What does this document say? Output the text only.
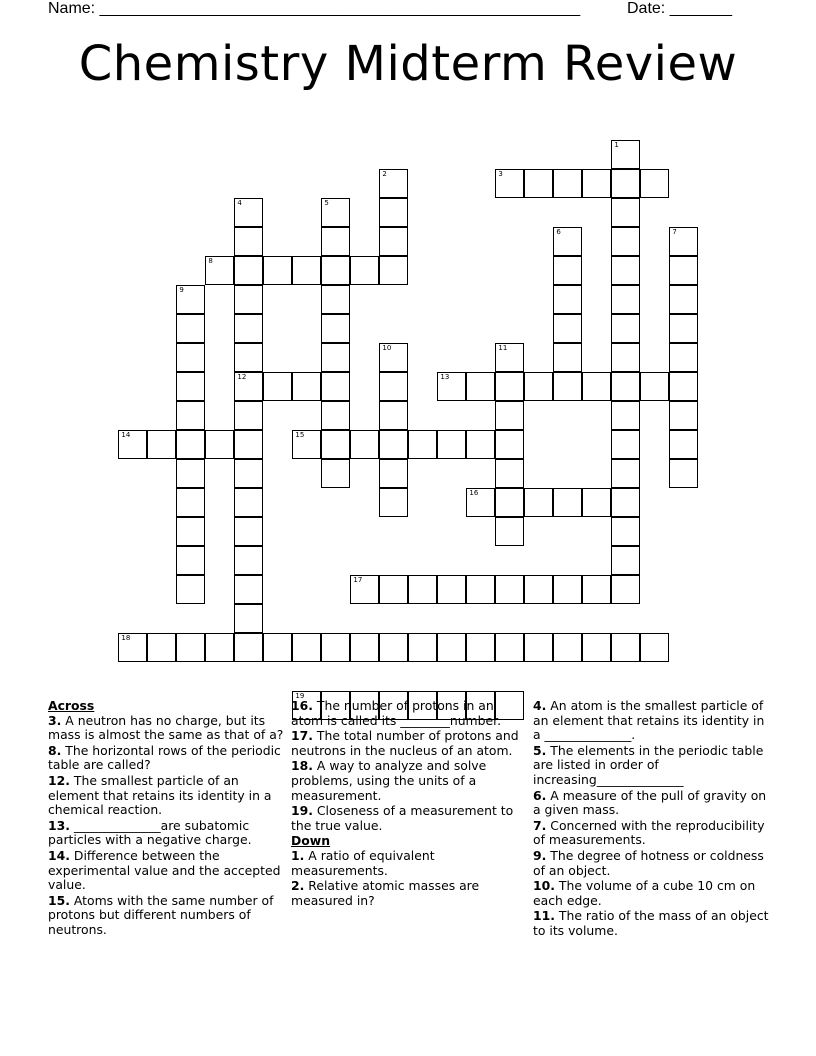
Name: ______________________________________________________	Date: _______
Chemistry Midterm Review
1
2	3
4	5
6	7
8
9
10	11
12	13
14	15
16
17
18
19
Across
3. A neutron has no charge, but its mass is almost the same as that of a?
8. The horizontal rows of the periodic table are called?
12. The smallest particle of an element that retains its identity in a chemical reaction.
13. ______________are subatomic particles with a negative charge.
14. Difference between the experimental value and the accepted value.
15. Atoms with the same number of protons but different numbers of neutrons.
16. The number of protons in an atom is called its ________number.
17. The total number of protons and neutrons in the nucleus of an atom.
18. A way to analyze and solve problems, using the units of a measurement.
19. Closeness of a measurement to the true value.
Down
1. A ratio of equivalent measurements.
2. Relative atomic masses are measured in?
4. An atom is the smallest particle of an element that retains its identity in a ______________.
5. The elements in the periodic table are listed in order of increasing______________
6. A measure of the pull of gravity on a given mass.
7. Concerned with the reproducibility of measurements.
9. The degree of hotness or coldness of an object.
10. The volume of a cube 10 cm on each edge.
11. The ratio of the mass of an object to its volume.
